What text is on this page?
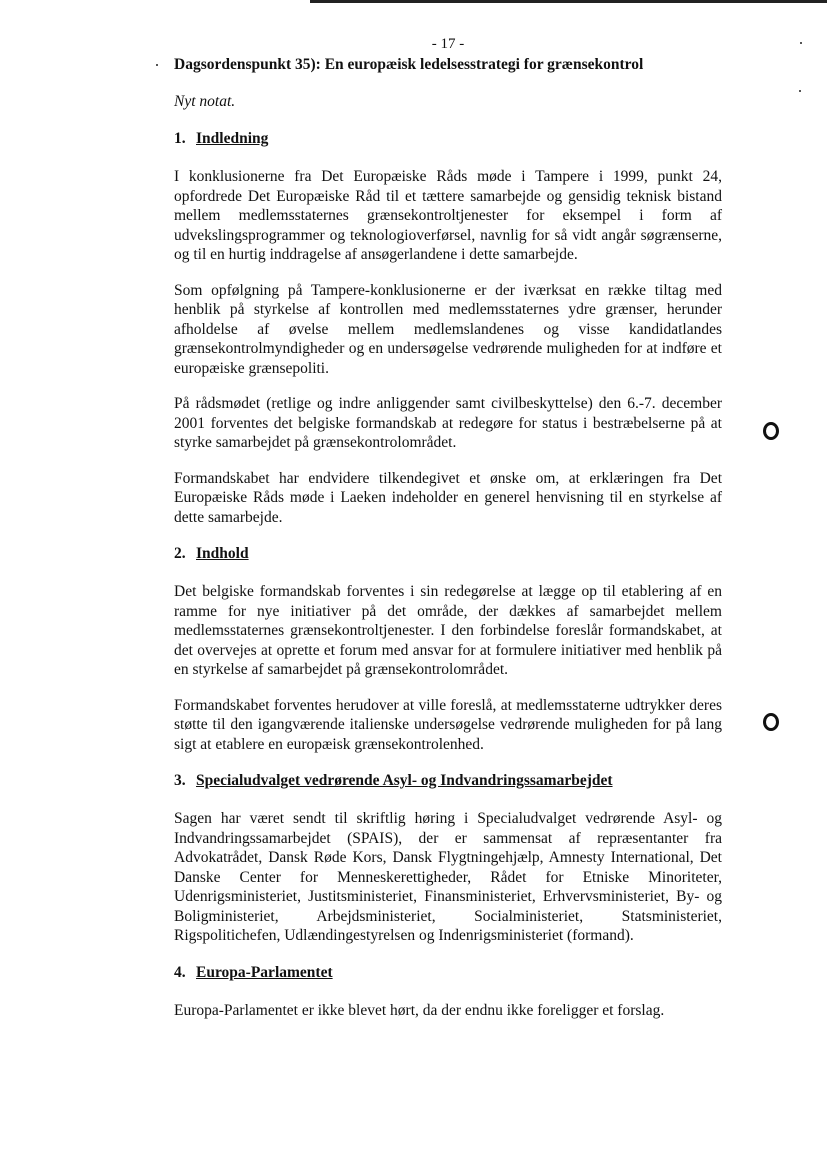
- 17 -
Dagsordenspunkt 35): En europæisk ledelsesstrategi for grænsekontrol
Nyt notat.
1. Indledning

I konklusionerne fra Det Europæiske Råds møde i Tampere i 1999, punkt 24, opfordrede Det Europæiske Råd til et tættere samarbejde og gensidig teknisk bistand mellem medlemsstaternes grænsekontroltjenester for eksempel i form af udvekslingsprogrammer og teknologioverførsel, navnlig for så vidt angår søgrænserne, og til en hurtig inddragelse af ansøgerlandene i dette samarbejde.

Som opfølgning på Tampere-konklusionerne er der iværksat en række tiltag med henblik på styrkelse af kontrollen med medlemsstaternes ydre grænser, herunder afholdelse af øvelse mellem medlemslandenes og visse kandidatlandes grænsekontrolmyndigheder og en undersøgelse vedrørende muligheden for at indføre et europæiske grænsepoliti.

På rådsmødet (retlige og indre anliggender samt civilbeskyttelse) den 6.-7. december 2001 forventes det belgiske formandskab at redegøre for status i bestræbelserne på at styrke samarbejdet på grænsekontrolområdet.

Formandskabet har endvidere tilkendegivet et ønske om, at erklæringen fra Det Europæiske Råds møde i Laeken indeholder en generel henvisning til en styrkelse af dette samarbejde.

2. Indhold

Det belgiske formandskab forventes i sin redegørelse at lægge op til etablering af en ramme for nye initiativer på det område, der dækkes af samarbejdet mellem medlemsstaternes grænsekontroltjenester. I den forbindelse foreslår formandskabet, at det overvejes at oprette et forum med ansvar for at formulere initiativer med henblik på en styrkelse af samarbejdet på grænsekontrolområdet.

Formandskabet forventes herudover at ville foreslå, at medlemsstaterne udtrykker deres støtte til den igangværende italienske undersøgelse vedrørende muligheden for på lang sigt at etablere en europæisk grænsekontrolenhed.

3. Specialudvalget vedrørende Asyl- og Indvandringssamarbejdet

Sagen har været sendt til skriftlig høring i Specialudvalget vedrørende Asyl- og Indvandringssamarbejdet (SPAIS), der er sammensat af repræsentanter fra Advokatrådet, Dansk Røde Kors, Dansk Flygtningehjælp, Amnesty International, Det Danske Center for Menneskerettigheder, Rådet for Etniske Minoriteter, Udenrigsministeriet, Justitsministeriet, Finansministeriet, Erhvervsministeriet, By- og Boligministeriet, Arbejdsministeriet, Socialministeriet, Statsministeriet, Rigspolitichefen, Udlændingestyrelsen og Indenrigsministeriet (formand).

4. Europa-Parlamentet

Europa-Parlamentet er ikke blevet hørt, da der endnu ikke foreligger et forslag.
